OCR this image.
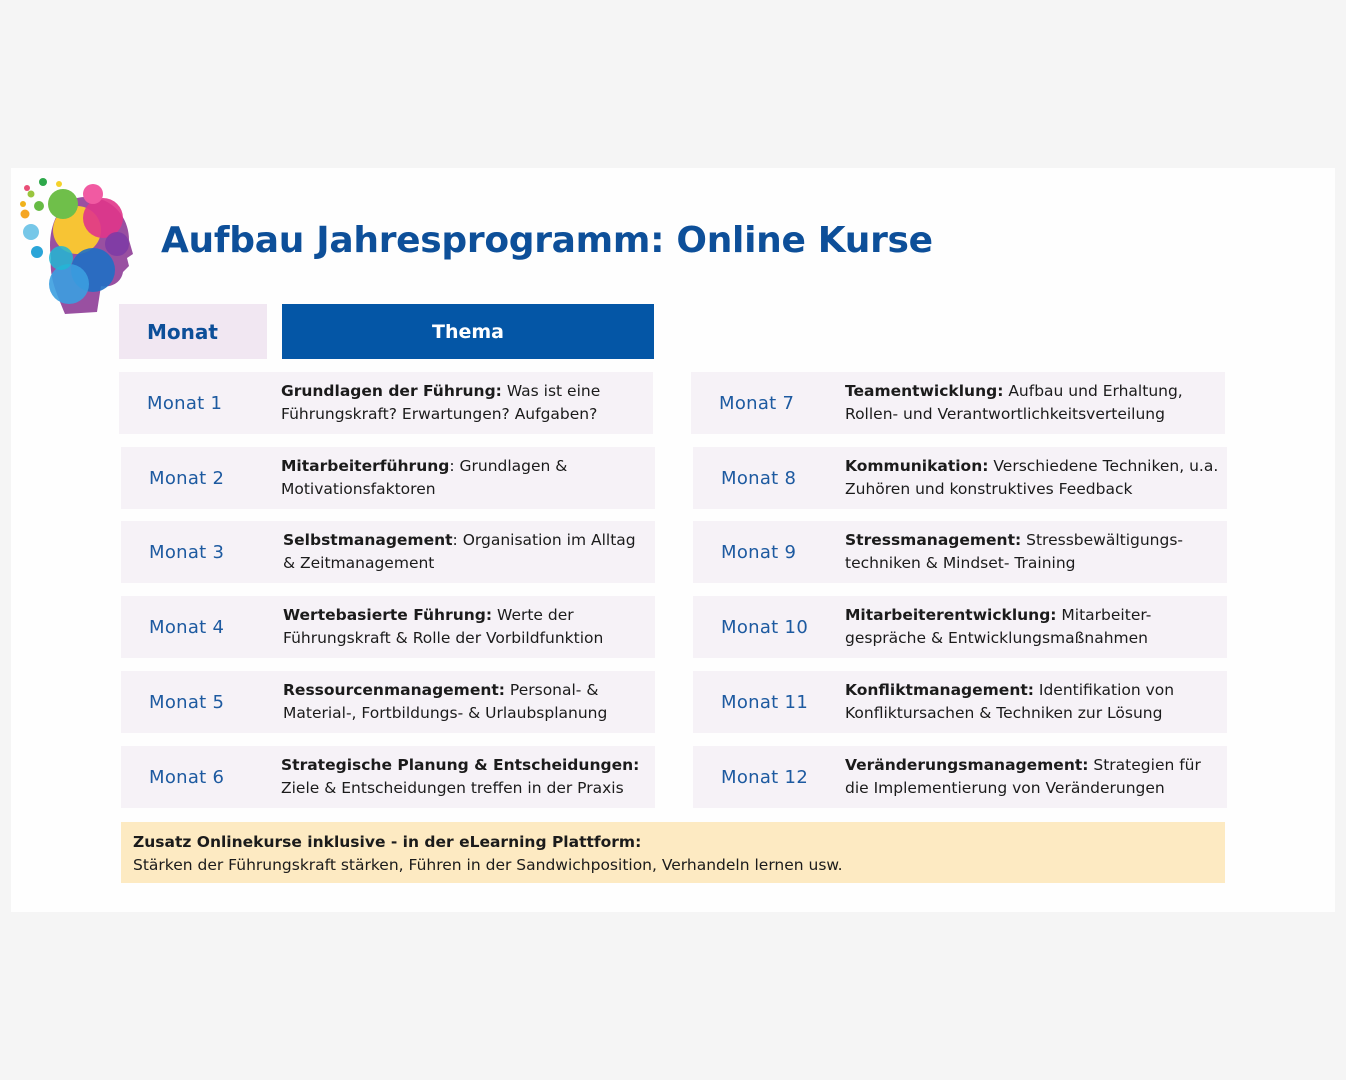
Aufbau Jahresprogramm: Online Kurse
Monat	Thema
Monat 1
Grundlagen der Führung: Was ist eine Führungskraft? Erwartungen? Aufgaben?
Monat 2
Mitarbeiterführung: Grundlagen & Motivationsfaktoren
Monat 3
Selbstmanagement: Organisation im Alltag & Zeitmanagement
Monat 4
Wertebasierte Führung: Werte der Führungskraft & Rolle der Vorbildfunktion
Monat 5
Ressourcenmanagement: Personal- & Material-, Fortbildungs- & Urlaubsplanung
Monat 6
Strategische Planung & Entscheidungen: Ziele & Entscheidungen treffen in der Praxis
Monat 7
Teamentwicklung: Aufbau und Erhaltung, Rollen- und Verantwortlichkeitsverteilung
Monat 8
Kommunikation: Verschiedene Techniken, u.a. Zuhören und konstruktives Feedback
Monat 9
Stressmanagement: Stressbewältigungs-techniken & Mindset- Training
Monat 10
Mitarbeiterentwicklung: Mitarbeiter-gespräche & Entwicklungsmaßnahmen
Monat 11
Konfliktmanagement: Identifikation von Konfliktursachen & Techniken zur Lösung
Monat 12
Veränderungsmanagement: Strategien für die Implementierung von Veränderungen
Zusatz Onlinekurse inklusive - in der eLearning Plattform:
Stärken der Führungskraft stärken, Führen in der Sandwichposition, Verhandeln lernen usw.
